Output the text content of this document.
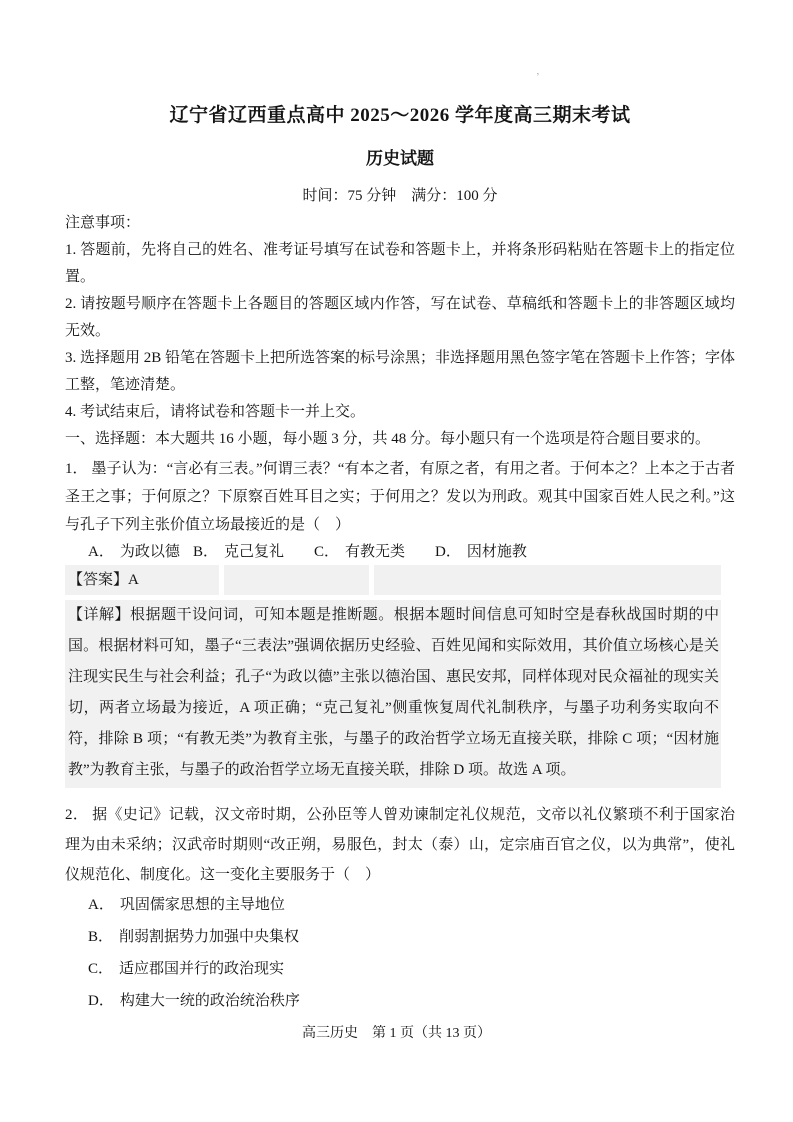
’
辽宁省辽西重点高中 2025～2026 学年度高三期末考试
历史试题

时间：75 分钟　满分：100 分

注意事项：

1. 答题前，先将自己的姓名、准考证号填写在试卷和答题卡上，并将条形码粘贴在答题卡上的指定位置。

2. 请按题号顺序在答题卡上各题目的答题区域内作答，写在试卷、草稿纸和答题卡上的非答题区域均无效。

3. 选择题用 2B 铅笔在答题卡上把所选答案的标号涂黑；非选择题用黑色签字笔在答题卡上作答；字体工整，笔迹清楚。

4. 考试结束后，请将试卷和答题卡一并上交。

一、选择题：本大题共 16 小题，每小题 3 分，共 48 分。每小题只有一个选项是符合题目要求的。

1． 墨子认为：“言必有三表。”何谓三表？“有本之者，有原之者，有用之者。于何本之？上本之于古者圣王之事；于何原之？下原察百姓耳目之实；于何用之？发以为刑政。观其中国家百姓人民之利。”这与孔子下列主张价值立场最接近的是（　）

A． 为政以德 B． 克己复礼	C． 有教无类	D． 因材施教
【答案】A
【详解】根据题干设问词，可知本题是推断题。根据本题时间信息可知时空是春秋战国时期的中国。根据材料可知，墨子“三表法”强调依据历史经验、百姓见闻和实际效用，其价值立场核心是关注现实民生与社会利益；孔子“为政以德”主张以德治国、惠民安邦，同样体现对民众福祉的现实关切，两者立场最为接近，A 项正确；“克己复礼”侧重恢复周代礼制秩序，与墨子功利务实取向不符，排除 B 项；“有教无类”为教育主张，与墨子的政治哲学立场无直接关联，排除 C 项；“因材施教”为教育主张，与墨子的政治哲学立场无直接关联，排除 D 项。故选 A 项。

2． 据《史记》记载，汉文帝时期，公孙臣等人曾劝谏制定礼仪规范，文帝以礼仪繁琐不利于国家治理为由未采纳；汉武帝时期则“改正朔，易服色，封太（泰）山，定宗庙百官之仪，以为典常”，使礼仪规范化、制度化。这一变化主要服务于（　）

A． 巩固儒家思想的主导地位

B． 削弱割据势力加强中央集权

C． 适应郡国并行的政治现实

D． 构建大一统的政治统治秩序

高三历史　第 1 页（共 13 页）
